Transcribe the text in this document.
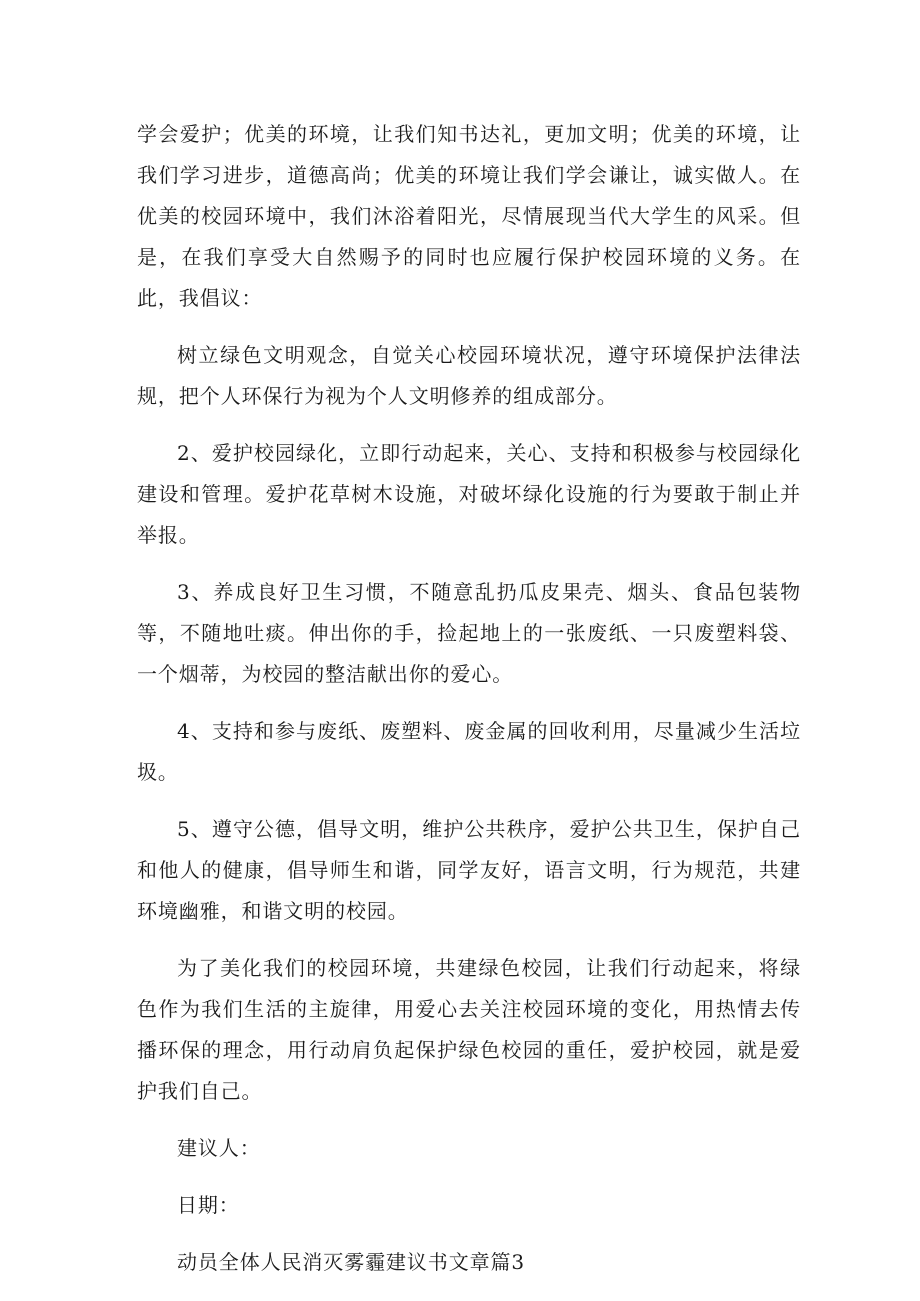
学会爱护；优美的环境，让我们知书达礼，更加文明；优美的环境，让我们学习进步，道德高尚；优美的环境让我们学会谦让，诚实做人。在优美的校园环境中，我们沐浴着阳光，尽情展现当代大学生的风采。但是，在我们享受大自然赐予的同时也应履行保护校园环境的义务。在此，我倡议：

树立绿色文明观念，自觉关心校园环境状况，遵守环境保护法律法规，把个人环保行为视为个人文明修养的组成部分。

2、爱护校园绿化，立即行动起来，关心、支持和积极参与校园绿化建设和管理。爱护花草树木设施，对破坏绿化设施的行为要敢于制止并举报。

3、养成良好卫生习惯，不随意乱扔瓜皮果壳、烟头、食品包装物等，不随地吐痰。伸出你的手，捡起地上的一张废纸、一只废塑料袋、一个烟蒂，为校园的整洁献出你的爱心。

4、支持和参与废纸、废塑料、废金属的回收利用，尽量减少生活垃圾。

5、遵守公德，倡导文明，维护公共秩序，爱护公共卫生，保护自己和他人的健康，倡导师生和谐，同学友好，语言文明，行为规范，共建环境幽雅，和谐文明的校园。

为了美化我们的校园环境，共建绿色校园，让我们行动起来，将绿色作为我们生活的主旋律，用爱心去关注校园环境的变化，用热情去传播环保的理念，用行动肩负起保护绿色校园的重任，爱护校园，就是爱护我们自己。

建议人：

日期：

动员全体人民消灭雾霾建议书文章篇3
